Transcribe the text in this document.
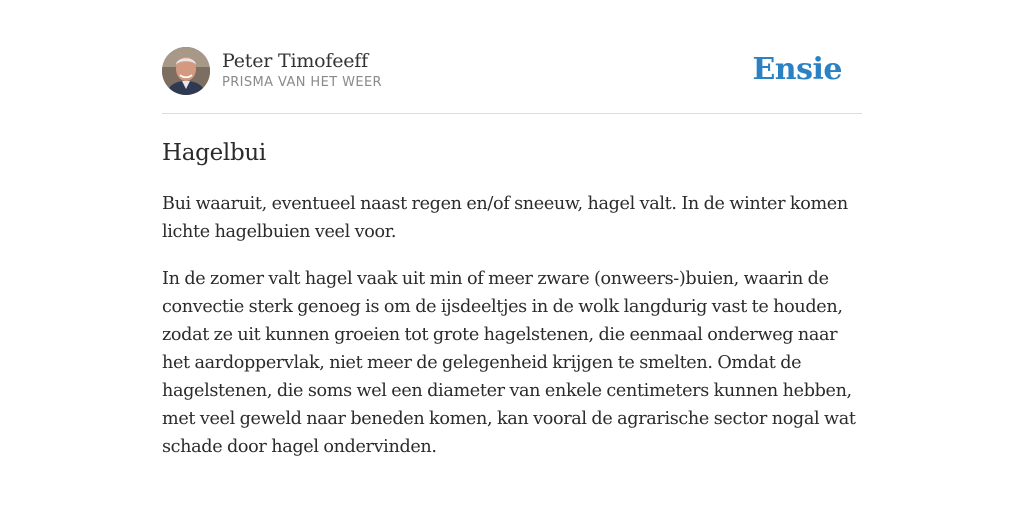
Peter Timofeeff
PRISMA VAN HET WEER	Ensie
Hagelbui

Bui waaruit, eventueel naast regen en/of sneeuw, hagel valt. In de winter komen lichte hagelbuien veel voor.

In de zomer valt hagel vaak uit min of meer zware (onweers-)buien, waarin de convectie sterk genoeg is om de ijsdeeltjes in de wolk langdurig vast te houden, zodat ze uit kunnen groeien tot grote hagelstenen, die eenmaal onderweg naar het aardoppervlak, niet meer de gelegenheid krijgen te smelten. Omdat de hagelstenen, die soms wel een diameter van enkele centimeters kunnen hebben, met veel geweld naar beneden komen, kan vooral de agrarische sector nogal wat schade door hagel ondervinden.
